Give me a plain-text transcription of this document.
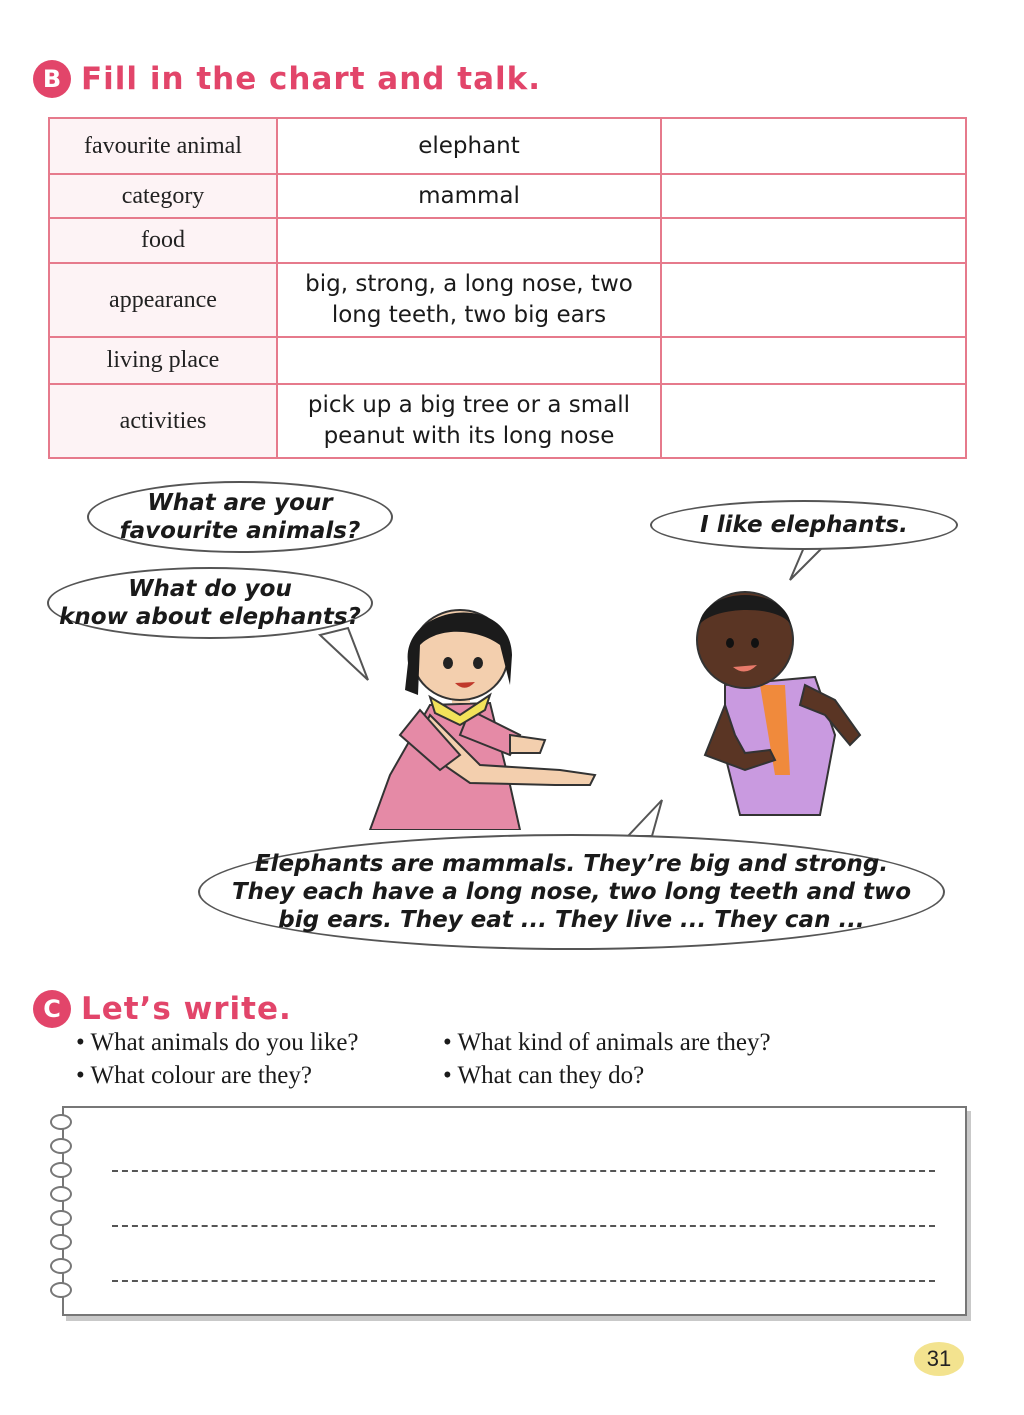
B Fill in the chart and talk.
favourite animal	elephant	
category	mammal	
food		
appearance	big, strong, a long nose, two
long teeth, two big ears	

living place		
activities	pick up a big tree or a small
peanut with its long nose	

What are your
favourite animals?
What do you
know about elephants?
I like elephants.
Elephants are mammals. They’re big and strong.
They each have a long nose, two long teeth and two
big ears. They eat ... They live ... They can ...
C Let’s write.
• What animals do you like?	• What kind of animals are they?
• What colour are they?	• What can they do?
31
